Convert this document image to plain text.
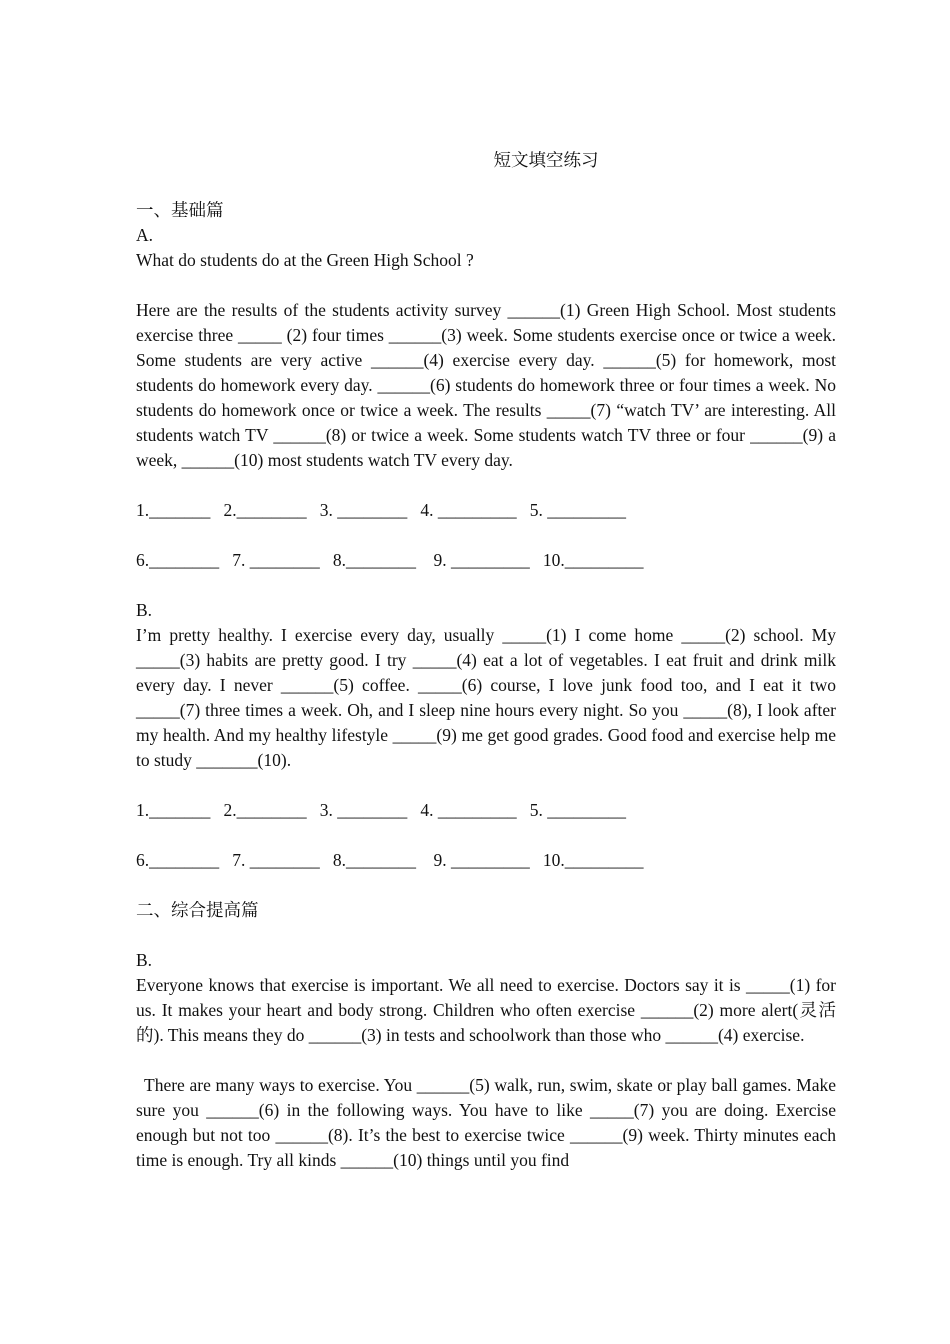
短文填空练习

一、基础篇

A.

What do students do at the Green High School ?

Here are the results of the students activity survey ______(1) Green High School. Most students exercise three _____ (2) four times ______(3) week. Some students exercise once or twice a week. Some students are very active ______(4) exercise every day. ______(5) for homework, most students do homework every day. ______(6) students do homework three or four times a week. No students do homework once or twice a week. The results _____(7) “watch TV’ are interesting. All students watch TV ______(8) or twice a week. Some students watch TV three or four ______(9) a week, ______(10) most students watch TV every day.

1._______   2.________   3. ________   4. _________   5. _________

6.________   7. ________   8.________    9. _________   10._________

B.

I’m pretty healthy. I exercise every day, usually _____(1) I come home _____(2) school. My _____(3) habits are pretty good. I try _____(4) eat a lot of vegetables. I eat fruit and drink milk every day. I never ______(5) coffee. _____(6) course, I love junk food too, and I eat it two _____(7) three times a week. Oh, and I sleep nine hours every night. So you _____(8), I look after my health. And my healthy lifestyle _____(9) me get good grades. Good food and exercise help me to study _______(10).

1._______   2.________   3. ________   4. _________   5. _________

6.________   7. ________   8.________    9. _________   10._________

二、综合提高篇

B.

Everyone knows that exercise is important. We all need to exercise. Doctors say it is _____(1) for us. It makes your heart and body strong. Children who often exercise ______(2) more alert(灵活的). This means they do ______(3) in tests and schoolwork than those who ______(4) exercise.

There are many ways to exercise. You ______(5) walk, run, swim, skate or play ball games. Make sure you ______(6) in the following ways. You have to like _____(7) you are doing. Exercise enough but not too ______(8). It’s the best to exercise twice ______(9) week. Thirty minutes each time is enough. Try all kinds ______(10) things until you find
